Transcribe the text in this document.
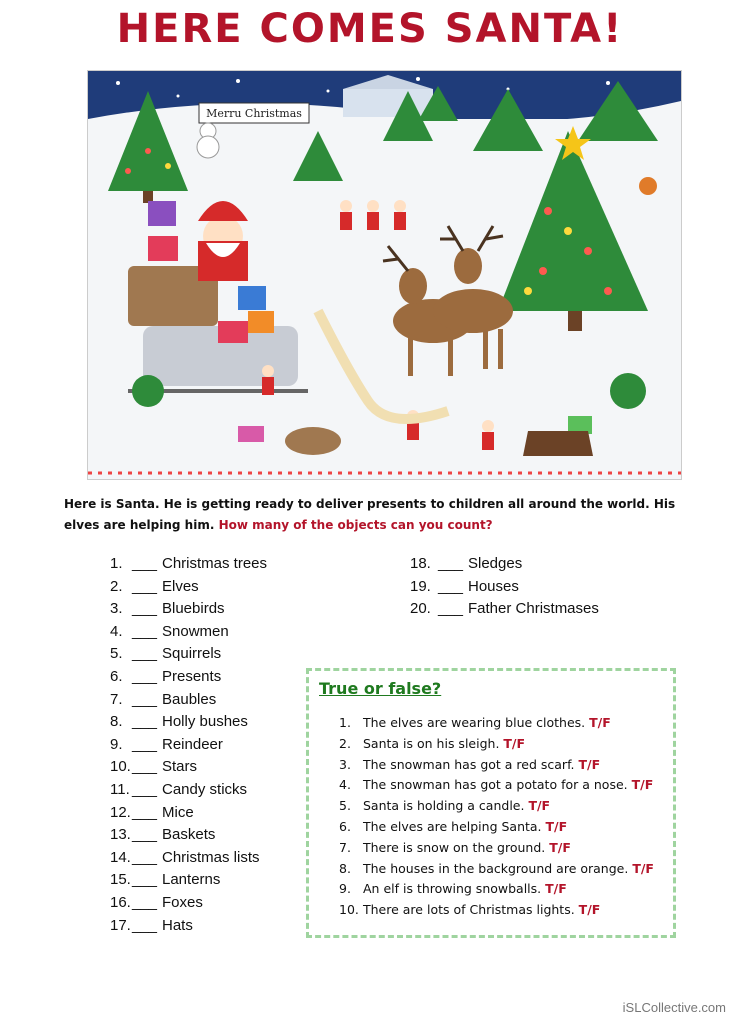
HERE COMES SANTA!
Merru Christmas
Here is Santa. He is getting ready to deliver presents to children all around the world. His elves are helping him. How many of the objects can you count?
1. ___ Christmas trees
2. ___ Elves
3. ___ Bluebirds
4. ___ Snowmen
5. ___ Squirrels
6. ___ Presents
7. ___ Baubles
8. ___ Holly bushes
9. ___ Reindeer
10.___ Stars
11. ___ Candy sticks
12.___ Mice
13.___ Baskets
14.___ Christmas lists
15.___ Lanterns
16.___ Foxes
17.___ Hats
18. ___ Sledges
19. ___ Houses
20. ___ Father Christmases
True or false?
1. The elves are wearing blue clothes. T/F
2. Santa is on his sleigh. T/F
3. The snowman has got a red scarf. T/F
4. The snowman has got a potato for a nose. T/F
5. Santa is holding a candle. T/F
6. The elves are helping Santa. T/F
7. There is snow on the ground. T/F
8. The houses in the background are orange. T/F
9. An elf is throwing snowballs. T/F
10. There are lots of Christmas lights. T/F
iSLCollective.com
